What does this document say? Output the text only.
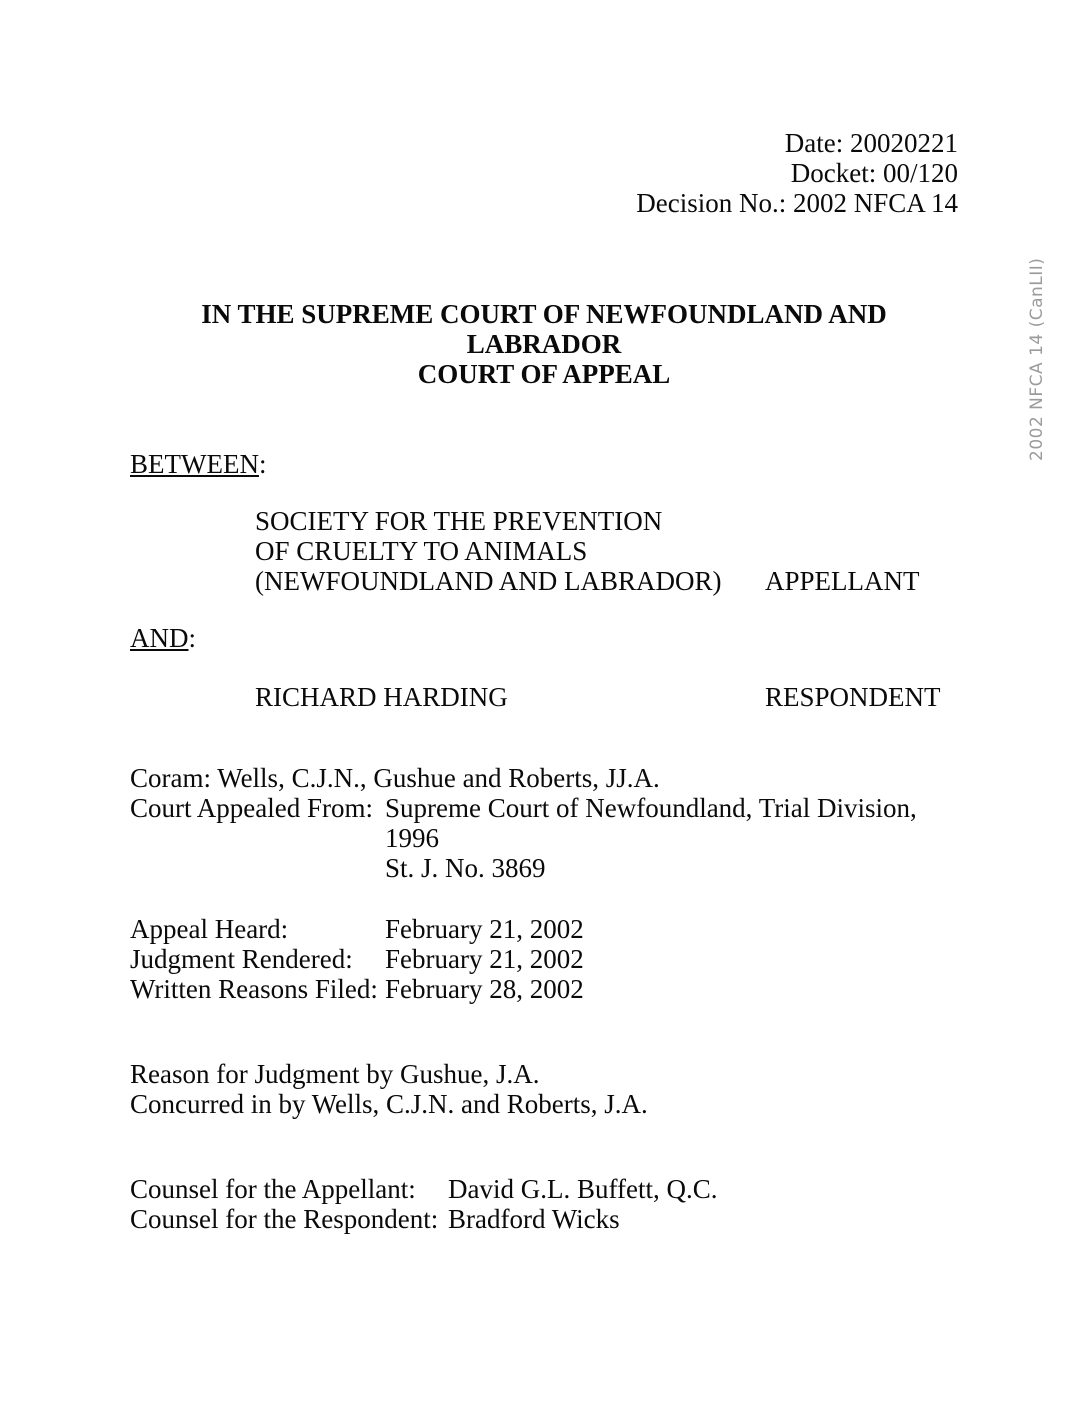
2002 NFCA 14 (CanLII)
Date: 20020221
Docket: 00/120
Decision No.: 2002 NFCA 14
IN THE SUPREME COURT OF NEWFOUNDLAND AND LABRADOR
COURT OF APPEAL
BETWEEN:
SOCIETY FOR THE PREVENTION
OF CRUELTY TO ANIMALS
(NEWFOUNDLAND AND LABRADOR)	APPELLANT
AND:
RICHARD HARDING	RESPONDENT
Coram: Wells, C.J.N., Gushue and Roberts, JJ.A.
Court Appealed From: Supreme Court of Newfoundland, Trial Division, 1996
St. J. No. 3869
Appeal Heard:	February 21, 2002
Judgment Rendered:	February 21, 2002
Written Reasons Filed: February 28, 2002
Reason for Judgment by Gushue, J.A.
Concurred in by Wells, C.J.N. and Roberts, J.A.
Counsel for the Appellant:	David G.L. Buffett, Q.C.
Counsel for the Respondent: Bradford Wicks
